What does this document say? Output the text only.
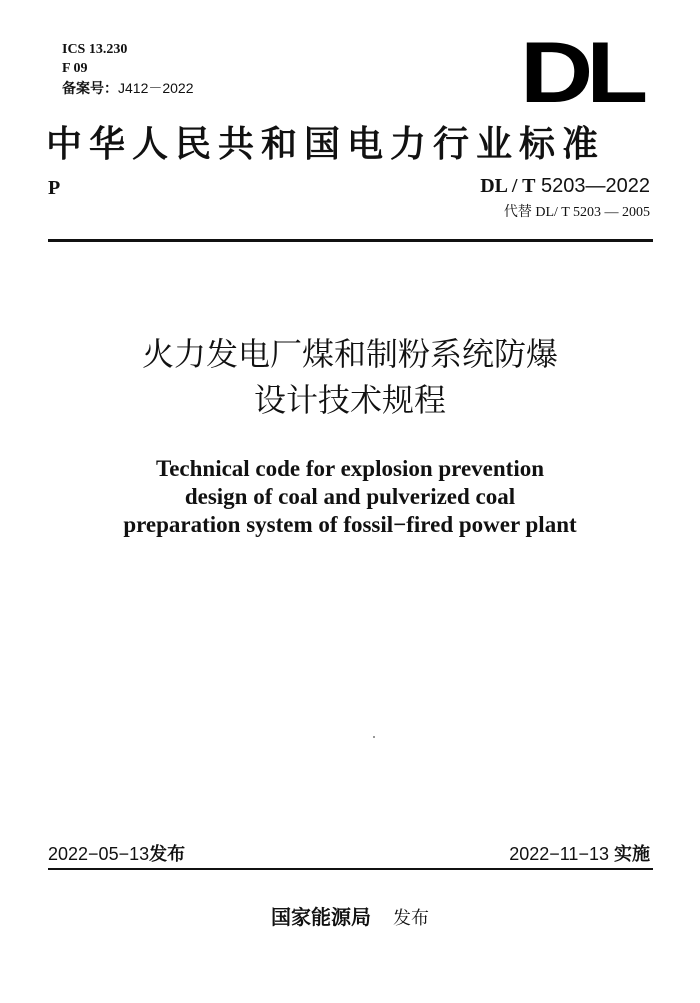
ICS 13.230
F 09
备案号：J412－2022	DL
中华人民共和国电力行业标准
P	DL / T 5203—2022
代替 DL/ T 5203 — 2005
火力发电厂煤和制粉系统防爆
设计技术规程
Technical code for explosion prevention
design of coal and pulverized coal
preparation system of fossil−fired power plant
2022−05−13发布	2022−11−13 实施
国家能源局 发布
